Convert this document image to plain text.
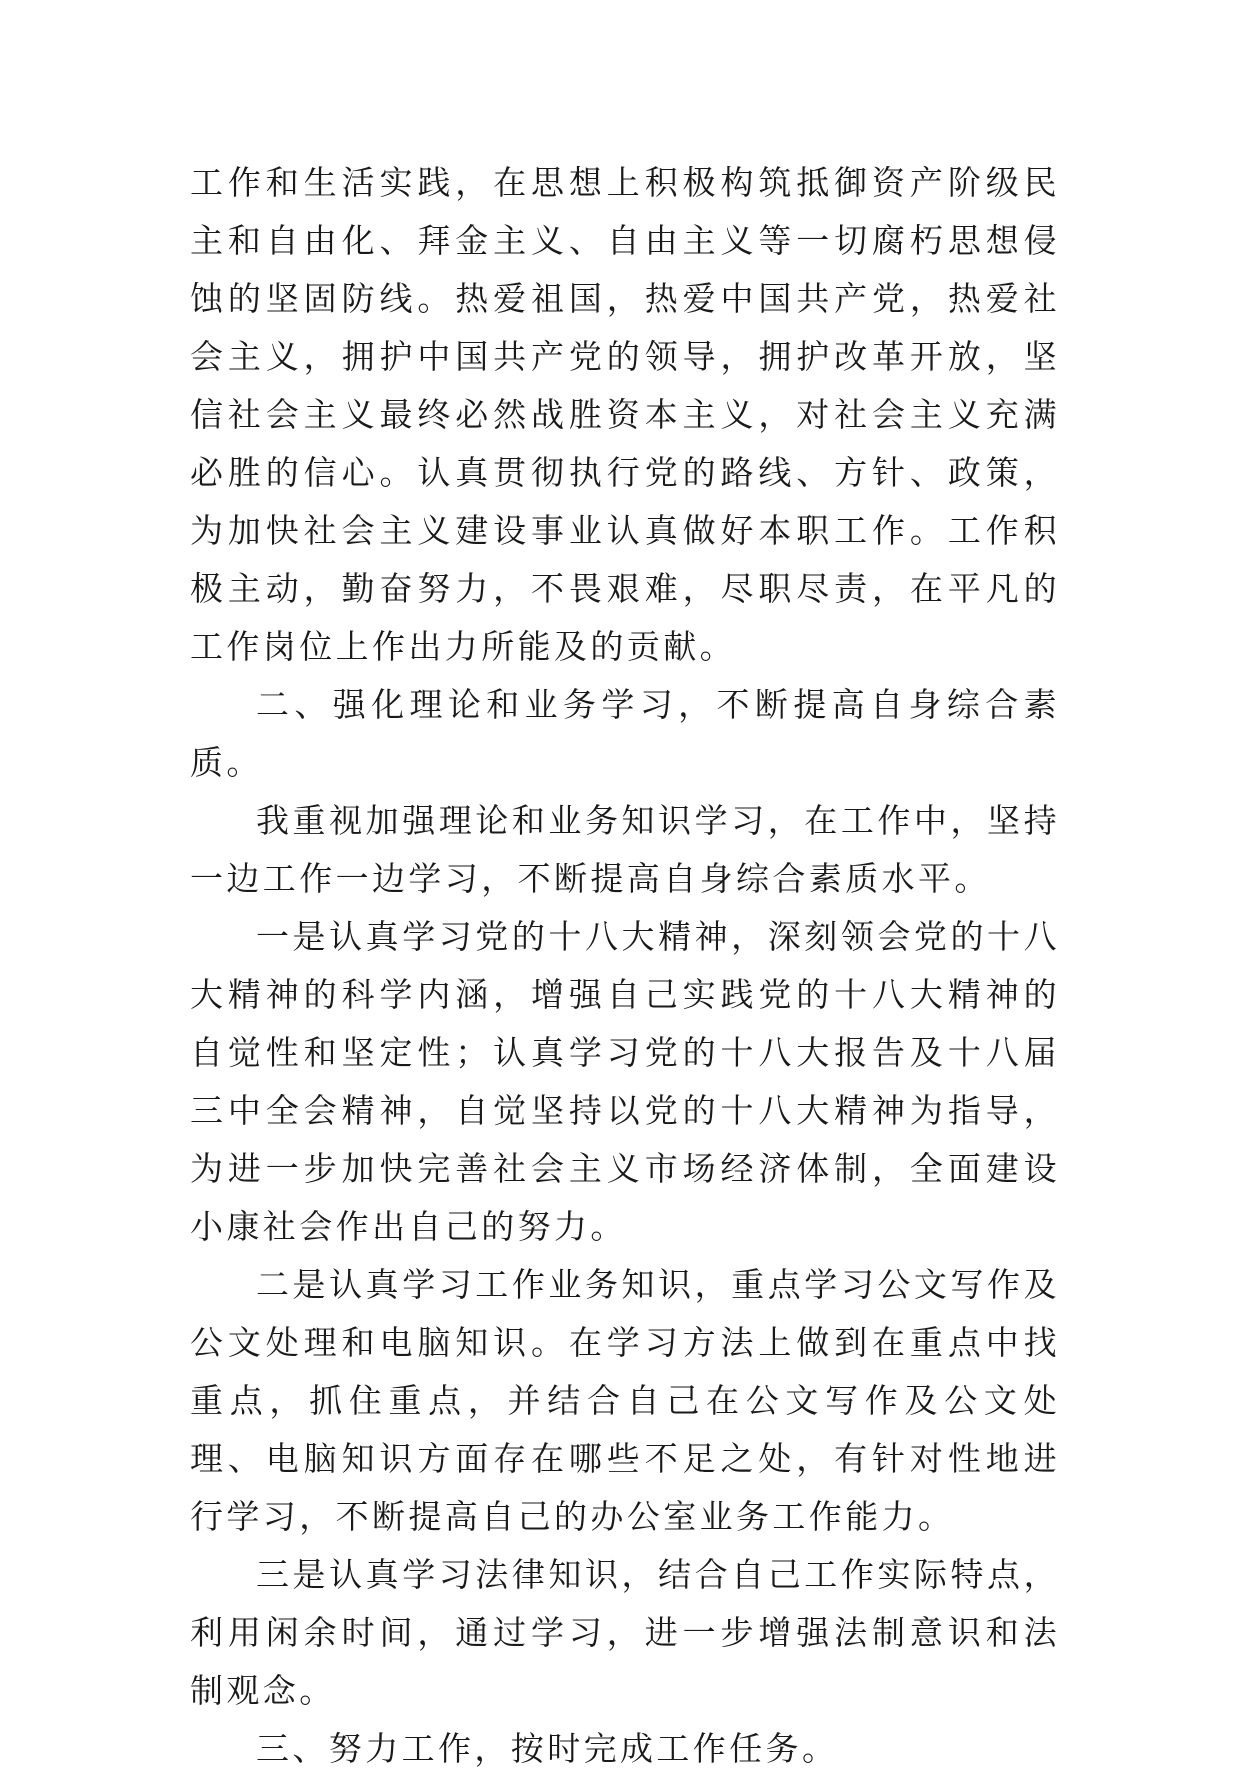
工作和生活实践，在思想上积极构筑抵御资产阶级民主和自由化、拜金主义、自由主义等一切腐朽思想侵蚀的坚固防线。热爱祖国，热爱中国共产党，热爱社会主义，拥护中国共产党的领导，拥护改革开放，坚信社会主义最终必然战胜资本主义，对社会主义充满必胜的信心。认真贯彻执行党的路线、方针、政策，为加快社会主义建设事业认真做好本职工作。工作积极主动，勤奋努力，不畏艰难，尽职尽责，在平凡的工作岗位上作出力所能及的贡献。

二、强化理论和业务学习，不断提高自身综合素质。

我重视加强理论和业务知识学习，在工作中，坚持一边工作一边学习，不断提高自身综合素质水平。

一是认真学习党的十八大精神，深刻领会党的十八大精神的科学内涵，增强自己实践党的十八大精神的自觉性和坚定性；认真学习党的十八大报告及十八届三中全会精神，自觉坚持以党的十八大精神为指导，为进一步加快完善社会主义市场经济体制，全面建设小康社会作出自己的努力。

二是认真学习工作业务知识，重点学习公文写作及公文处理和电脑知识。在学习方法上做到在重点中找重点，抓住重点，并结合自己在公文写作及公文处理、电脑知识方面存在哪些不足之处，有针对性地进行学习，不断提高自己的办公室业务工作能力。

三是认真学习法律知识，结合自己工作实际特点，利用闲余时间，通过学习，进一步增强法制意识和法制观念。

三、努力工作，按时完成工作任务。
